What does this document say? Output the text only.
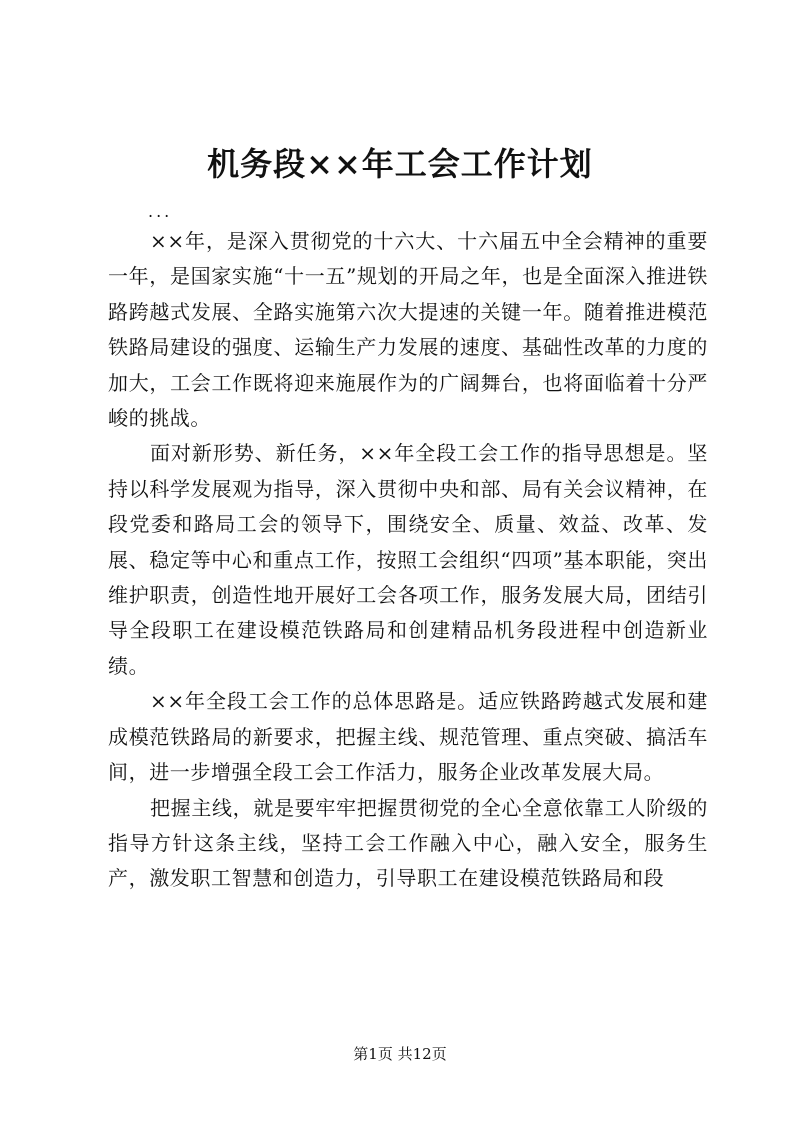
机务段××年工会工作计划
...

××年，是深入贯彻党的十六大、十六届五中全会精神的重要一年，是国家实施“十一五”规划的开局之年，也是全面深入推进铁路跨越式发展、全路实施第六次大提速的关键一年。随着推进模范铁路局建设的强度、运输生产力发展的速度、基础性改革的力度的加大，工会工作既将迎来施展作为的广阔舞台，也将面临着十分严峻的挑战。

面对新形势、新任务，××年全段工会工作的指导思想是。坚持以科学发展观为指导，深入贯彻中央和部、局有关会议精神，在段党委和路局工会的领导下，围绕安全、质量、效益、改革、发展、稳定等中心和重点工作，按照工会组织“四项”基本职能，突出维护职责，创造性地开展好工会各项工作，服务发展大局，团结引导全段职工在建设模范铁路局和创建精品机务段进程中创造新业绩。

××年全段工会工作的总体思路是。适应铁路跨越式发展和建成模范铁路局的新要求，把握主线、规范管理、重点突破、搞活车间，进一步增强全段工会工作活力，服务企业改革发展大局。

把握主线，就是要牢牢把握贯彻党的全心全意依靠工人阶级的指导方针这条主线，坚持工会工作融入中心，融入安全，服务生产，激发职工智慧和创造力，引导职工在建设模范铁路局和段

第1页 共12页
